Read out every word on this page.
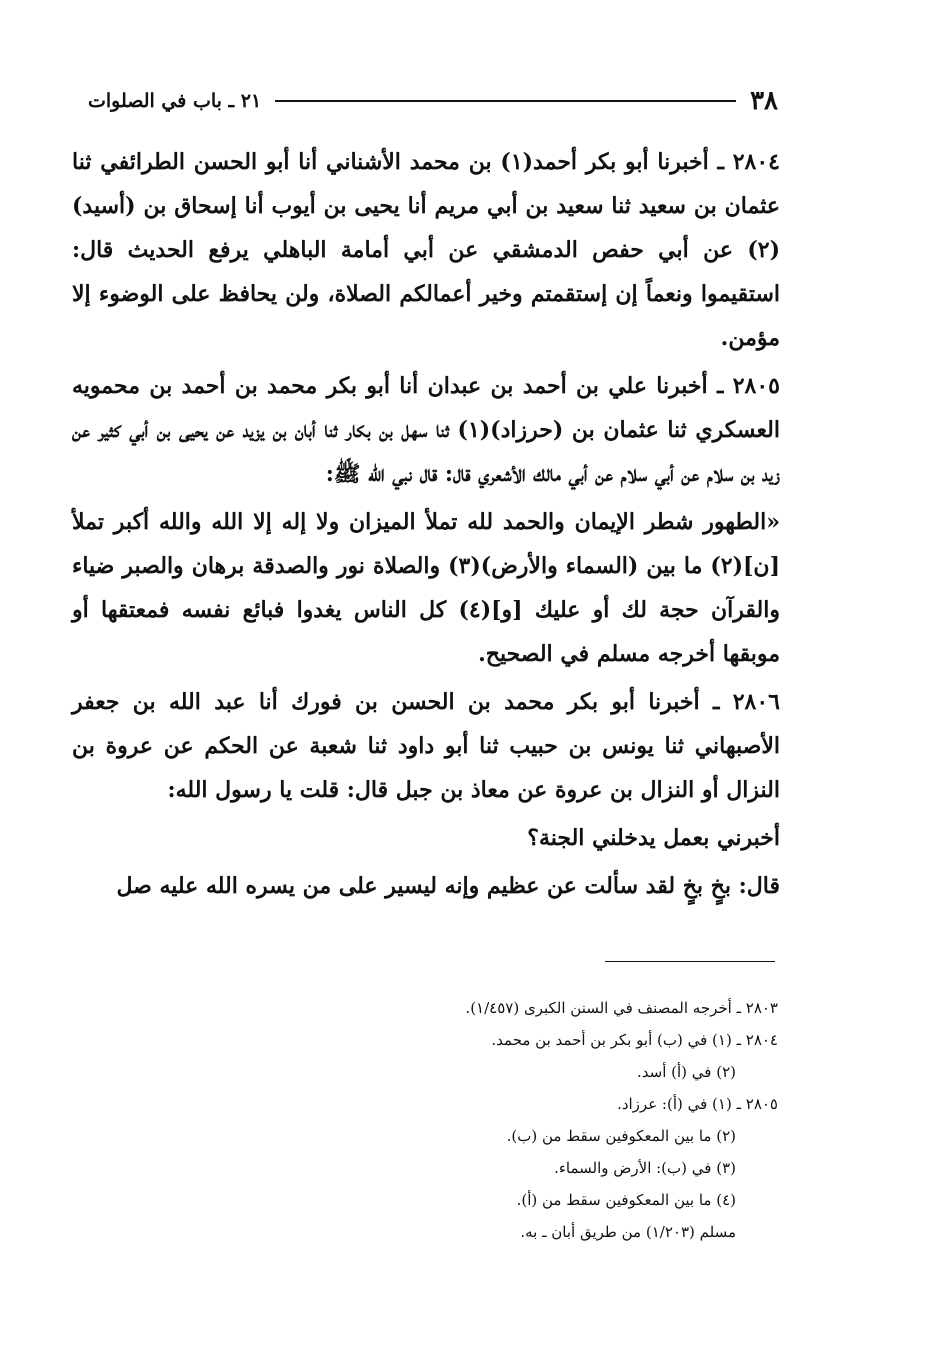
٣٨
٢١ ـ باب في الصلوات

٢٨٠٤ ـ أخبرنا أبو بكر أحمد(١) بن محمد الأشناني أنا أبو الحسن الطرائفي ثنا عثمان بن سعيد ثنا سعيد بن أبي مريم أنا يحيى بن أيوب أنا إسحاق بن (أسيد)(٢) عن أبي حفص الدمشقي عن أبي أمامة الباهلي يرفع الحديث قال: استقيموا ونعماً إن إستقمتم وخير أعمالكم الصلاة، ولن يحافظ على الوضوء إلا مؤمن.

٢٨٠٥ ـ أخبرنا علي بن أحمد بن عبدان أنا أبو بكر محمد بن أحمد بن محمويه العسكري ثنا عثمان بن (حرزاد)(١) ثنا سهل بن بكار ثنا أبان بن يزيد عن يحيى بن أبي كثير عن زيد بن سلام عن أبي سلام عن أبي مالك الأشعري قال: قال نبي الله ﷺ:

«الطهور شطر الإيمان والحمد لله تملأ الميزان ولا إله إلا الله والله أكبر تملأ [ن](٢) ما بين (السماء والأرض)(٣) والصلاة نور والصدقة برهان والصبر ضياء والقرآن حجة لك أو عليك [و](٤) كل الناس يغدوا فبائع نفسه فمعتقها أو موبقها أخرجه مسلم في الصحيح.

٢٨٠٦ ـ أخبرنا أبو بكر محمد بن الحسن بن فورك أنا عبد الله بن جعفر الأصبهاني ثنا يونس بن حبيب ثنا أبو داود ثنا شعبة عن الحكم عن عروة بن النزال أو النزال بن عروة عن معاذ بن جبل قال: قلت يا رسول الله:

أخبرني بعمل يدخلني الجنة؟

قال: بخٍ بخٍ لقد سألت عن عظيم وإنه ليسير على من يسره الله عليه صل

٢٨٠٣ ـ أخرجه المصنف في السنن الكبرى (١/٤٥٧).
٢٨٠٤ ـ (١) في (ب) أبو بكر بن أحمد بن محمد.
(٢) في (أ) أسد.
٢٨٠٥ ـ (١) في (أ): عرزاد.
(٢) ما بين المعكوفين سقط من (ب).
(٣) في (ب): الأرض والسماء.
(٤) ما بين المعكوفين سقط من (أ).
مسلم (١/٢٠٣) من طريق أبان ـ به.
